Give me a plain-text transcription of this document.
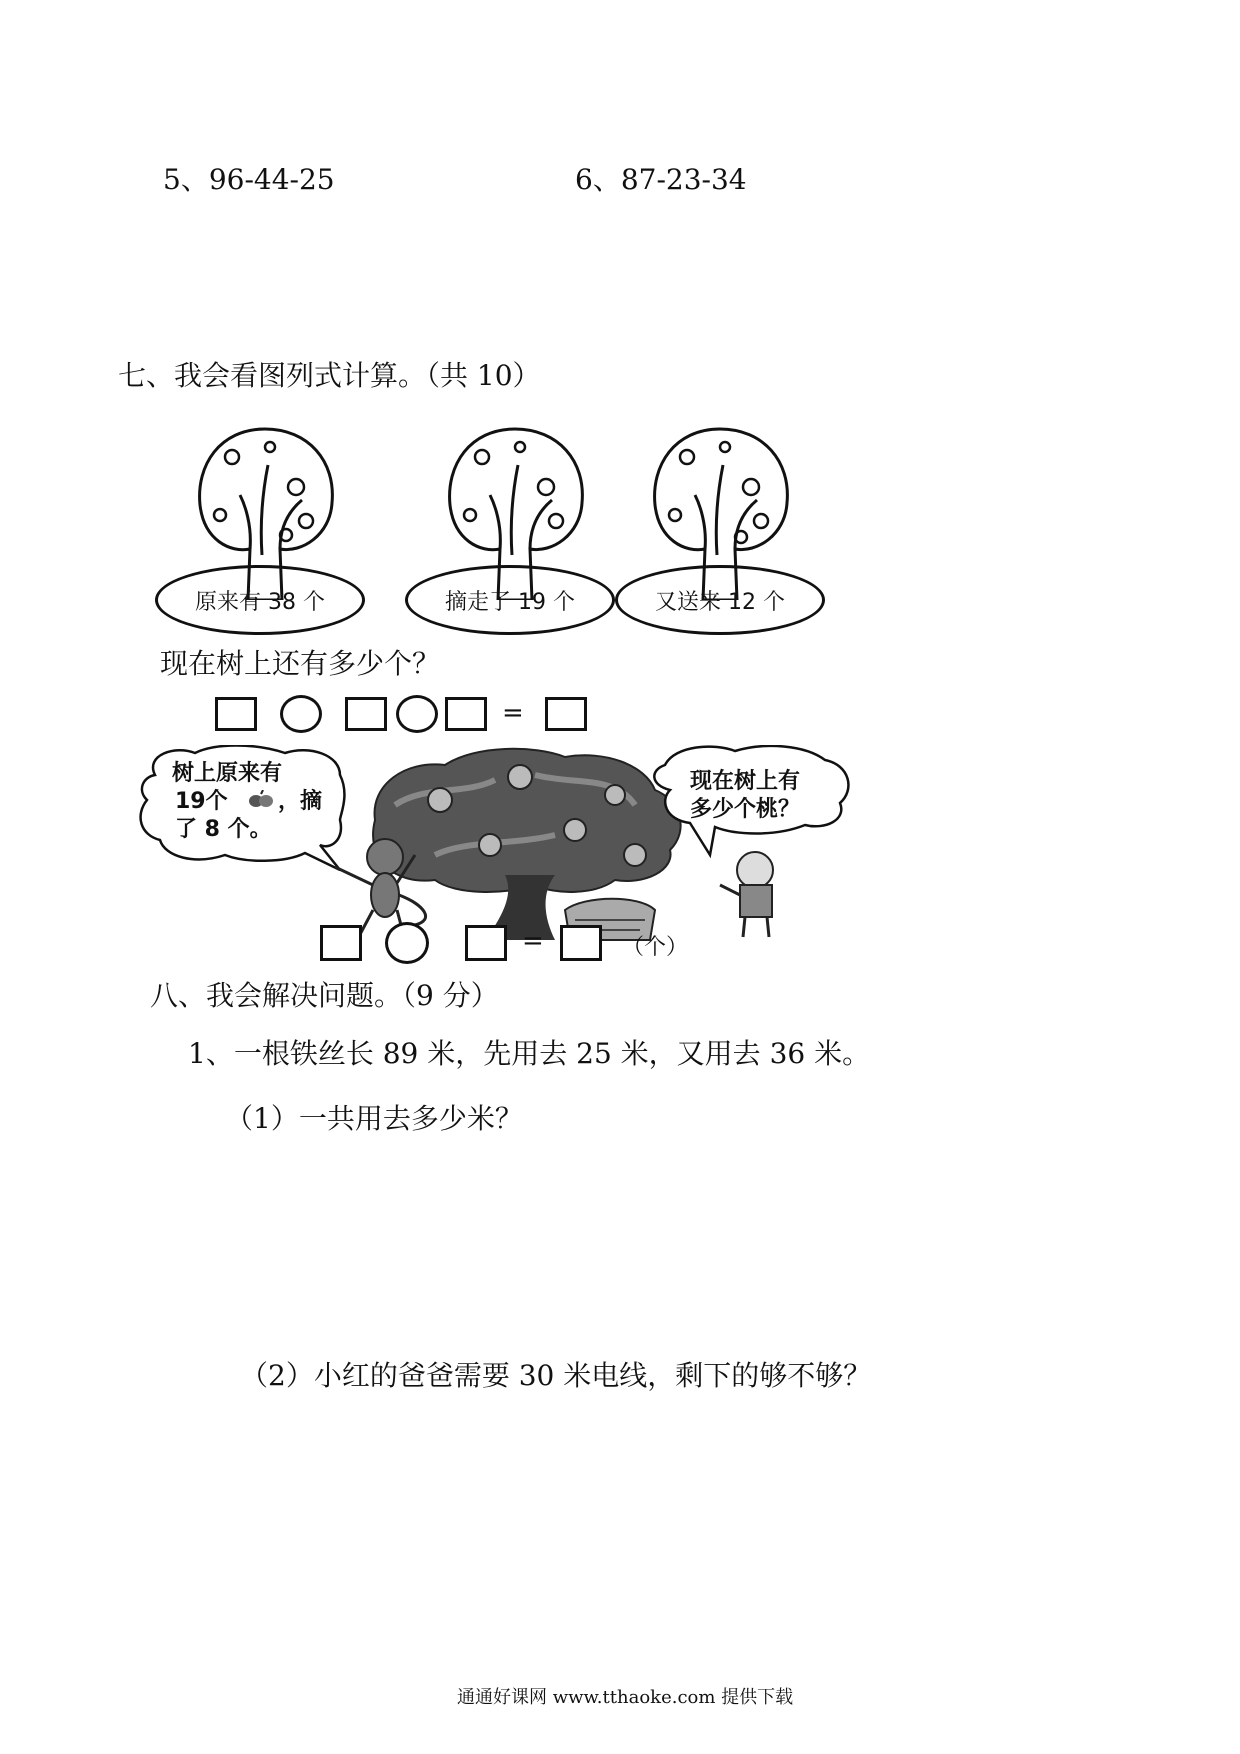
5、96-44-25	6、87-23-34
七、我会看图列式计算。（共 10）
原来有 38 个	摘走了 19 个	又送来 12 个
现在树上还有多少个？
=
树上原来有
19个 ，摘
了 8 个。
现在树上有
多少个桃？
=	（个）
八、我会解决问题。（9 分）
1、一根铁丝长 89 米，先用去 25 米，又用去 36 米。
（1）一共用去多少米？
（2）小红的爸爸需要 30 米电线，剩下的够不够？
通通好课网 www.tthaoke.com 提供下载
